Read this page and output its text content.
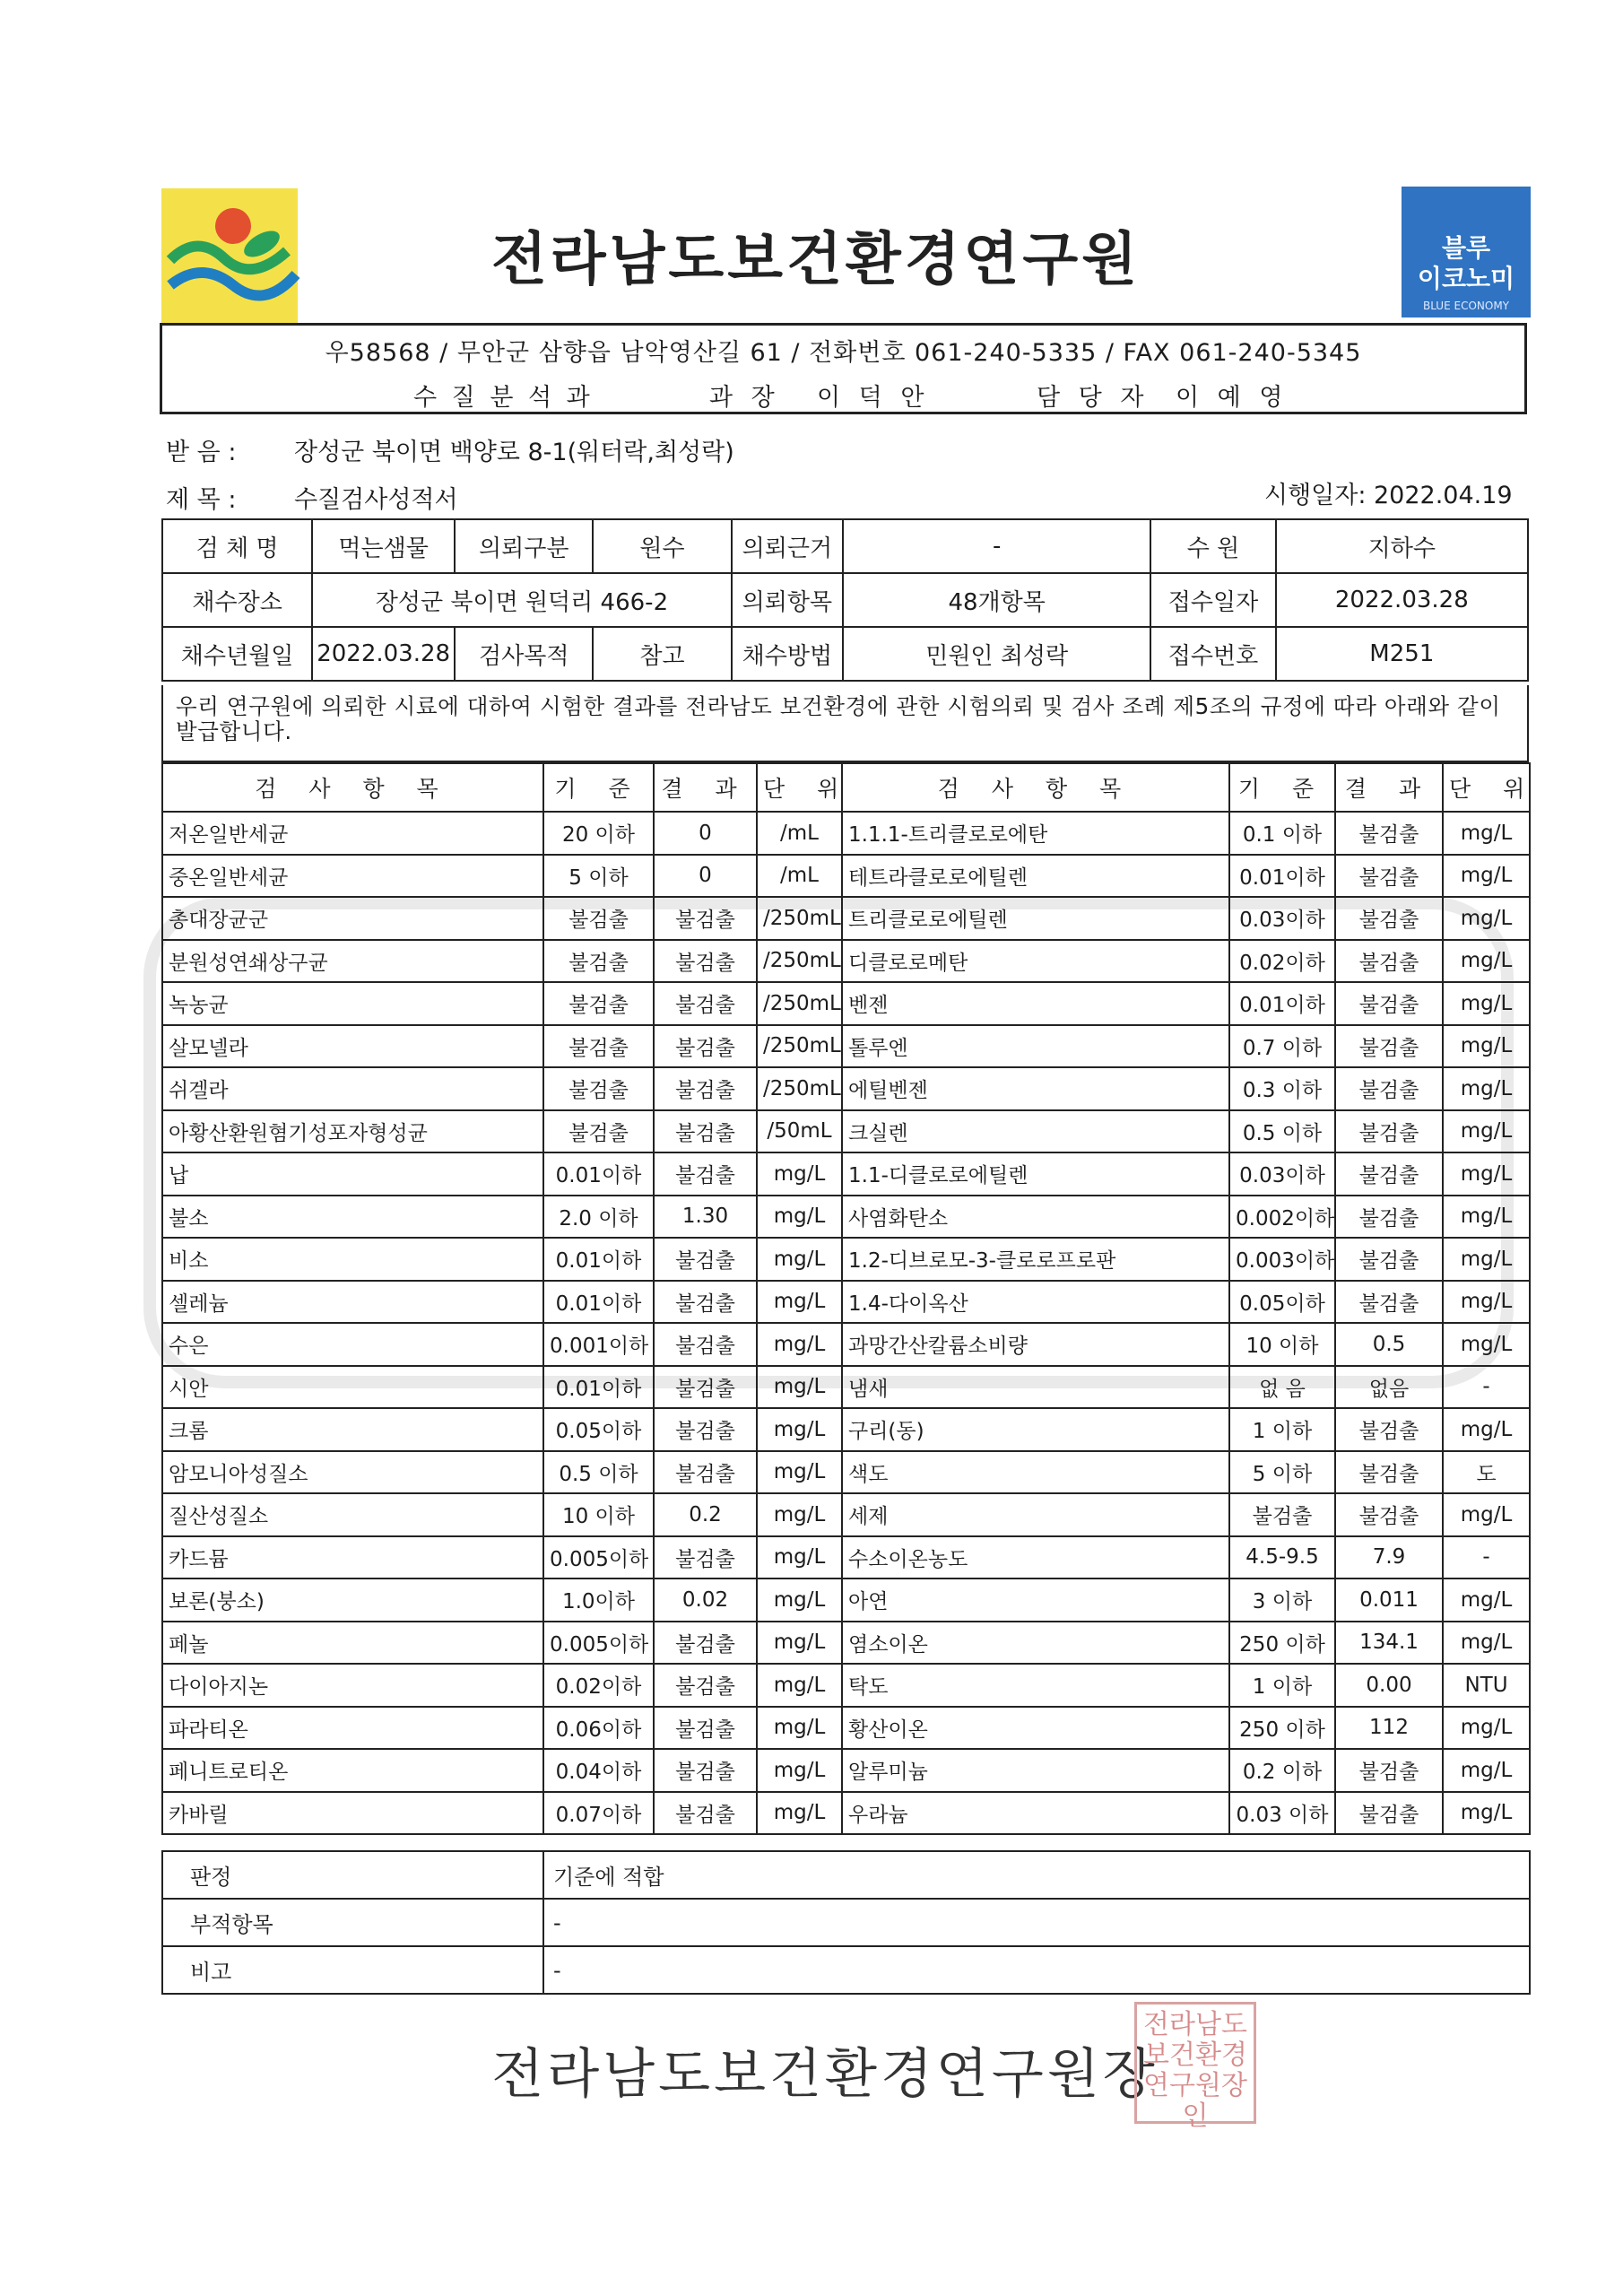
블루
이코노미
BLUE ECONOMY
전라남도보건환경연구원
우58568 / 무안군 삼향읍 남악영산길 61 / 전화번호 061-240-5335 / FAX 061-240-5345
수 질 분 석 과	과 장 이 덕 안	담 당 자 이 예 영
받 음 : 장성군 북이면 백양로 8-1(워터락,최성락)
제 목 : 수질검사성적서	시행일자: 2022.04.19
검 체 명	먹는샘물	의뢰구분	원수	의뢰근거	-	수 원	지하수
채수장소	장성군 북이면 원덕리 466-2			의뢰항목	48개항목	접수일자	2022.03.28
채수년월일	2022.03.28	검사목적	참고	채수방법	민원인 최성락	접수번호	M251
우리 연구원에 의뢰한 시료에 대하여 시험한 결과를 전라남도 보건환경에 관한 시험의뢰 및 검사 조례 제5조의 규정에 따라 아래와 같이 발급합니다.
검 사 항 목	기 준	결 과	단 위	검 사 항 목	기 준	결 과	단 위
저온일반세균	20 이하	0	/mL	1.1.1-트리클로로에탄	0.1 이하	불검출	mg/L
중온일반세균	5 이하	0	/mL	테트라클로로에틸렌	0.01이하	불검출	mg/L
총대장균군	불검출	불검출	/250mL	트리클로로에틸렌	0.03이하	불검출	mg/L
분원성연쇄상구균	불검출	불검출	/250mL	디클로로메탄	0.02이하	불검출	mg/L
녹농균	불검출	불검출	/250mL	벤젠	0.01이하	불검출	mg/L
살모넬라	불검출	불검출	/250mL	톨루엔	0.7 이하	불검출	mg/L
쉬겔라	불검출	불검출	/250mL	에틸벤젠	0.3 이하	불검출	mg/L
아황산환원혐기성포자형성균	불검출	불검출	/50mL	크실렌	0.5 이하	불검출	mg/L
납	0.01이하	불검출	mg/L	1.1-디클로로에틸렌	0.03이하	불검출	mg/L
불소	2.0 이하	1.30	mg/L	사염화탄소	0.002이하	불검출	mg/L
비소	0.01이하	불검출	mg/L	1.2-디브로모-3-클로로프로판	0.003이하	불검출	mg/L
셀레늄	0.01이하	불검출	mg/L	1.4-다이옥산	0.05이하	불검출	mg/L
수은	0.001이하	불검출	mg/L	과망간산칼륨소비량	10 이하	0.5	mg/L
시안	0.01이하	불검출	mg/L	냄새	없 음	없음	-
크롬	0.05이하	불검출	mg/L	구리(동)	1 이하	불검출	mg/L
암모니아성질소	0.5 이하	불검출	mg/L	색도	5 이하	불검출	도
질산성질소	10 이하	0.2	mg/L	세제	불검출	불검출	mg/L
카드뮴	0.005이하	불검출	mg/L	수소이온농도	4.5-9.5	7.9	-
보론(붕소)	1.0이하	0.02	mg/L	아연	3 이하	0.011	mg/L
페놀	0.005이하	불검출	mg/L	염소이온	250 이하	134.1	mg/L
다이아지논	0.02이하	불검출	mg/L	탁도	1 이하	0.00	NTU
파라티온	0.06이하	불검출	mg/L	황산이온	250 이하	112	mg/L
페니트로티온	0.04이하	불검출	mg/L	알루미늄	0.2 이하	불검출	mg/L
카바릴	0.07이하	불검출	mg/L	우라늄	0.03 이하	불검출	mg/L
판정	기준에 적합
부적항목	-
비고	-
전라남도보건환경연구원장
전라남도
보건환경
연구원장인
